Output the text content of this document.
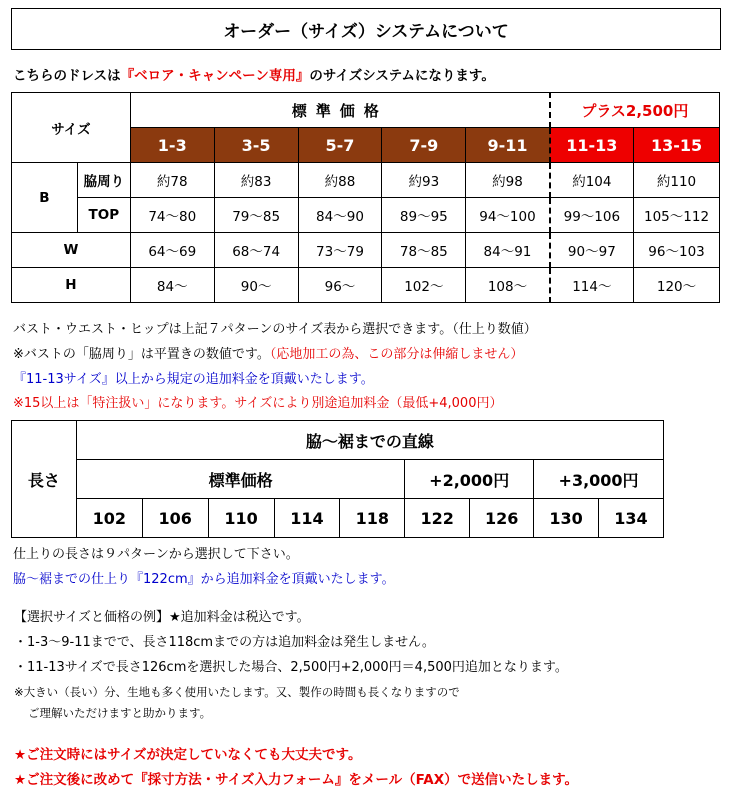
オーダー（サイズ）システムについて
こちらのドレスは『ベロア・キャンペーン専用』のサイズシステムになります。
サイズ		標準価格					プラス2,500円	
		1-3	3-5	5-7	7-9	9-11	11-13	13-15
B	脇周り	約78	約83	約88	約93	約98	約104	約110
	TOP	74～80	79～85	84～90	89～95	94～100	99～106	105～112
W		64～69	68～74	73～79	78～85	84～91	90～97	96～103
H		84～	90～	96～	102～	108～	114～	120～
バスト・ウエスト・ヒップは上記７パターンのサイズ表から選択できます。（仕上り数値）
※バストの「脇周り」は平置きの数値です。（応地加工の為、この部分は伸縮しません）
『11-13サイズ』以上から規定の追加料金を頂戴いたします。
※15以上は「特注扱い」になります。サイズにより別途追加料金（最低+4,000円）
長さ	脇～裾までの直線								
	標準価格					+2,000円		+3,000円	
	102	106	110	114	118	122	126	130	134
仕上りの長さは９パターンから選択して下さい。
脇～裾までの仕上り『122cm』から追加料金を頂戴いたします。
【選択サイズと価格の例】★追加料金は税込です。
・1-3～9-11までで、長さ118cmまでの方は追加料金は発生しません。
・11-13サイズで長さ126cmを選択した場合、2,500円+2,000円＝4,500円追加となります。
※大きい（長い）分、生地も多く使用いたします。又、製作の時間も長くなりますので
ご理解いただけますと助かります。
★ご注文時にはサイズが決定していなくても大丈夫です。
★ご注文後に改めて『採寸方法・サイズ入力フォーム』をメール（FAX）で送信いたします。
